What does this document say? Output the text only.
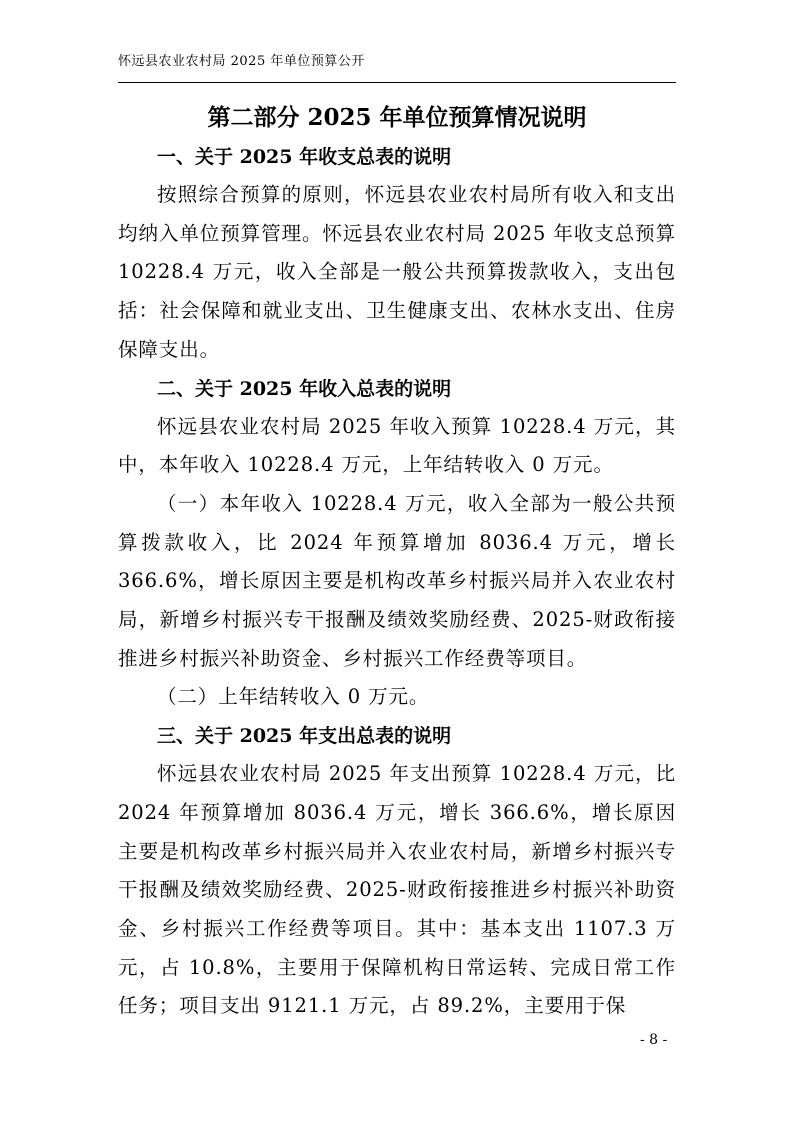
怀远县农业农村局 2025 年单位预算公开
第二部分 2025 年单位预算情况说明
一、关于 2025 年收支总表的说明

按照综合预算的原则，怀远县农业农村局所有收入和支出均纳入单位预算管理。怀远县农业农村局 2025 年收支总预算 10228.4 万元，收入全部是一般公共预算拨款收入，支出包括：社会保障和就业支出、卫生健康支出、农林水支出、住房保障支出。

二、关于 2025 年收入总表的说明

怀远县农业农村局 2025 年收入预算 10228.4 万元，其中，本年收入 10228.4 万元，上年结转收入 0 万元。

（一）本年收入 10228.4 万元，收入全部为一般公共预算拨款收入，比 2024 年预算增加 8036.4 万元，增长 366.6%，增长原因主要是机构改革乡村振兴局并入农业农村局，新增乡村振兴专干报酬及绩效奖励经费、2025-财政衔接推进乡村振兴补助资金、乡村振兴工作经费等项目。

（二）上年结转收入 0 万元。

三、关于 2025 年支出总表的说明

怀远县农业农村局 2025 年支出预算 10228.4 万元，比 2024 年预算增加 8036.4 万元，增长 366.6%，增长原因主要是机构改革乡村振兴局并入农业农村局，新增乡村振兴专干报酬及绩效奖励经费、2025-财政衔接推进乡村振兴补助资金、乡村振兴工作经费等项目。其中：基本支出 1107.3 万元，占 10.8%，主要用于保障机构日常运转、完成日常工作任务；项目支出 9121.1 万元，占 89.2%，主要用于保

- 8 -
